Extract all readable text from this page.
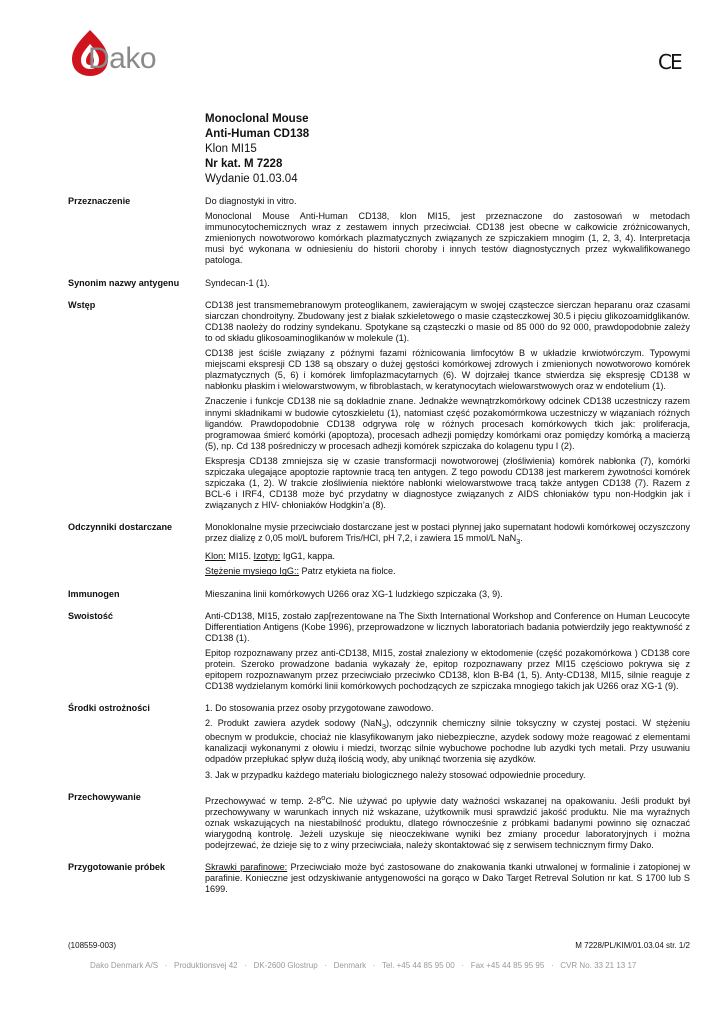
Dako	CE
Monoclonal Mouse
Anti-Human CD138
Klon MI15
Nr kat. M 7228
Wydanie 01.03.04
Przeznaczenie	Do diagnostyki in vitro.

Monoclonal Mouse Anti-Human CD138, klon MI15, jest przeznaczone do zastosowań w metodach immunocytochemicznych wraz z zestawem innych przeciwciał. CD138 jest obecne w całkowicie zróżnicowanych, zmienionych nowotworowo komórkach plazmatycznych związanych ze szpiczakiem mnogim (1, 2, 3, 4). Interpretacja musi być wykonana w odniesieniu do historii choroby i innych testów diagnostycznych przez wykwalifikowanego patologa.

Synonim nazwy antygenu	Syndecan-1 (1).

Wstęp	CD138 jest transmemebranowym proteoglikanem, zawierającym w swojej cząsteczce sierczan heparanu oraz czasami siarczan chondroityny. Zbudowany jest z białak szkieletowego o masie cząsteczkowej 30.5 i pięciu glikozoamidglikanów. CD138 naoleży do rodziny syndekanu. Spotykane są cząsteczki o masie od 85 000 do 92 000, prawdopodobnie zależy to od składu glikosoaminoglikanów w molekule (1).

CD138 jest ściśle związany z późnymi fazami różnicowania limfocytów B w układzie krwiotwórczym. Typowymi miejscami ekspresji CD 138 są obszary o dużej gęstości komórkowej zdrowych i zmienionych nowotworowo komórek plazmatycznych (5, 6) i komórek limfoplazmacytarnych (6). W dojrzałej tkance stwierdza się ekspresję CD138 w nabłonku płaskim i wielowarstwowym, w fibroblastach, w keratynocytach wielowarstwowych oraz w endotelium (1).

Znaczenie i funkcje CD138 nie są dokładnie znane. Jednakże wewnątrzkomórkowy odcinek CD138 uczestniczy razem innymi składnikami w budowie cytoszkieletu (1), natomiast część pozakomórmkowa uczestniczy w wiązaniach różnych ligandów. Prawdopodobnie CD138 odgrywa rolę w różnych procesach komórkowych tkich jak: proliferacja, programowaa śmierć komórki (apoptoza), procesach adhezji pomiędzy komórkami oraz pomiędzy komórką a macierzą (5), np. Cd 138 pośredniczy w procesach adhezji komórek szpiczaka do kolagenu typu I (2).

Ekspresja CD138 zmniejsza się w czasie transformacji nowotworowej (złośliwienia) komórek nabłonka (7), komórki szpiczaka ulegające apoptozie raptownie tracą ten antygen. Z tego powodu CD138 jest markerem żywotności komórek szpiczaka (1, 2). W trakcie złośliwienia niektóre nabłonki wielowarstwowe tracą także antygen CD138 (7). Razem z BCL-6 i IRF4, CD138 może być przydatny w diagnostyce związanych z AIDS chłoniaków typu non-Hodgkin jak i związanych z HIV- chłoniaków Hodgkin’a (8).

Odczynniki dostarczane	Monoklonalne mysie przeciwciało dostarczane jest w postaci płynnej jako supernatant hodowli komórkowej oczyszczony przez dializę z 0,05 mol/L buforem Tris/HCl, pH 7,2, i zawiera 15 mmol/L NaN$_3$.

Klon: MI15. Izotyp: IgG1, kappa.

Stężenie mysiego IgG:: Patrz etykieta na fiolce.

Immunogen	Mieszanina linii komórkowych U266 oraz XG-1 ludzkiego szpiczaka (3, 9).

Swoistość	Anti-CD138, MI15, zostało zap[rezentowane na The Sixth International Workshop and Conference on Human Leucocyte Differentiation Antigens (Kobe 1996), przeprowadzone w licznych laboratoriach badania potwierdziły jego reaktywność z CD138 (1).

Epitop rozpoznawany przez anti-CD138, MI15, został znaleziony w ektodomenie (część pozakomórkowa ) CD138 core protein. Szeroko prowadzone badania wykazały że, epitop rozpoznawany przez MI15 częściowo pokrywa się z epitopem rozpoznawanym przez przeciwciało przeciwko CD138, klon B-B4 (1, 5). Anty-CD138, MI15, silnie reaguje z CD138 wydzielanym komórki linii komórkowych pochodzących ze szpiczaka mnogiego takich jak U266 oraz XG-1 (9).

Środki ostrożności	1. Do stosowania przez osoby przygotowane zawodowo.

2. Produkt zawiera azydek sodowy (NaN$_3$), odczynnik chemiczny silnie toksyczny w czystej postaci. W stężeniu obecnym w produkcie, chociaż nie klasyfikowanym jako niebezpieczne, azydek sodowy może reagować z elementami kanalizacji wykonanymi z ołowiu i miedzi, tworząc silnie wybuchowe pochodne lub azydki tych metali. Przy usuwaniu odpadów przepłukać spływ dużą ilością wody, aby uniknąć tworzenia się azydków.

3. Jak w przypadku każdego materiału biologicznego należy stosować odpowiednie procedury.

Przechowywanie	Przechowywać w temp. 2-8$^o$C. Nie używać po upływie daty ważności wskazanej na opakowaniu. Jeśli produkt był przechowywany w warunkach innych niż wskazane, użytkownik musi sprawdzić jakość produktu. Nie ma wyraźnych oznak wskazujących na niestabilność produktu, dlatego równocześnie z próbkami badanymi powinno się oznaczać wiarygodną kontrolę. Jeżeli uzyskuje się nieoczekiwane wyniki bez zmiany procedur laboratoryjnych i można podejrzewać, że dzieje się to z winy przeciwciała, należy skontaktować się z serwisem technicznym firmy Dako.

Przygotowanie próbek	Skrawki parafinowe: Przeciwciało może być zastosowane do znakowania tkanki utrwalonej w formalinie i zatopionej w parafinie. Konieczne jest odzyskiwanie antygenowości na gorąco w Dako Target Retreval Solution nr kat. S 1700 lub S 1699.

(108559-003)	M 7228/PL/KIM/01.03.04 str. 1/2
Dako Denmark A/S   ·   Produktionsvej 42   ·   DK-2600 Glostrup   ·   Denmark   ·   Tel. +45 44 85 95 00   ·   Fax +45 44 85 95 95   ·   CVR No. 33 21 13 17
